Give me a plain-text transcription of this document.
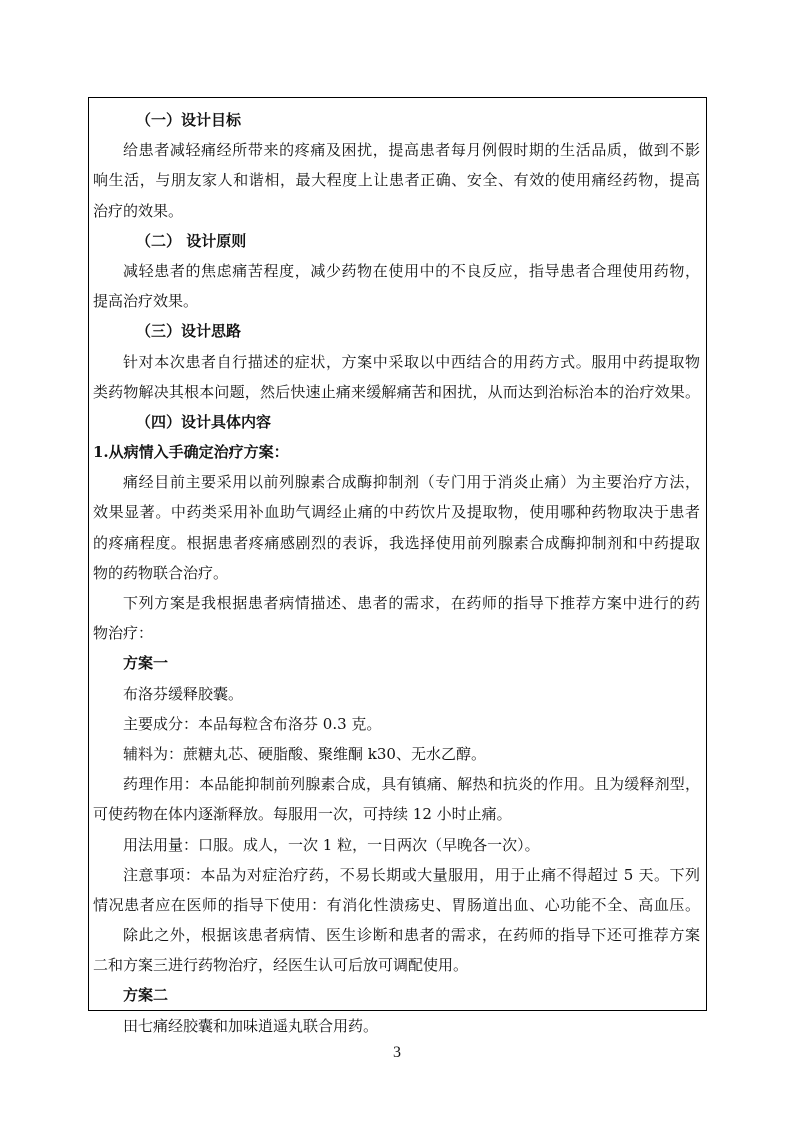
（一）设计目标
给患者减轻痛经所带来的疼痛及困扰，提高患者每月例假时期的生活品质，做到不影
响生活，与朋友家人和谐相，最大程度上让患者正确、安全、有效的使用痛经药物，提高
治疗的效果。
（二） 设计原则
减轻患者的焦虑痛苦程度，减少药物在使用中的不良反应，指导患者合理使用药物，
提高治疗效果。
（三）设计思路
针对本次患者自行描述的症状，方案中采取以中西结合的用药方式。服用中药提取物
类药物解决其根本问题，然后快速止痛来缓解痛苦和困扰，从而达到治标治本的治疗效果。
（四）设计具体内容
1.从病情入手确定治疗方案：
痛经目前主要采用以前列腺素合成酶抑制剂（专门用于消炎止痛）为主要治疗方法，
效果显著。中药类采用补血助气调经止痛的中药饮片及提取物，使用哪种药物取决于患者
的疼痛程度。根据患者疼痛感剧烈的表诉，我选择使用前列腺素合成酶抑制剂和中药提取
物的药物联合治疗。
下列方案是我根据患者病情描述、患者的需求，在药师的指导下推荐方案中进行的药
物治疗：
方案一
布洛芬缓释胶囊。
主要成分：本品每粒含布洛芬 0.3 克。
辅料为：蔗糖丸芯、硬脂酸、聚维酮 k30、无水乙醇。
药理作用：本品能抑制前列腺素合成，具有镇痛、解热和抗炎的作用。且为缓释剂型，
可使药物在体内逐渐释放。每服用一次，可持续 12 小时止痛。
用法用量：口服。成人，一次 1 粒，一日两次（早晚各一次）。
注意事项：本品为对症治疗药，不易长期或大量服用，用于止痛不得超过 5 天。下列
情况患者应在医师的指导下使用：有消化性溃疡史、胃肠道出血、心功能不全、高血压。
除此之外，根据该患者病情、医生诊断和患者的需求，在药师的指导下还可推荐方案
二和方案三进行药物治疗，经医生认可后放可调配使用。
方案二
田七痛经胶囊和加味逍遥丸联合用药。
3
